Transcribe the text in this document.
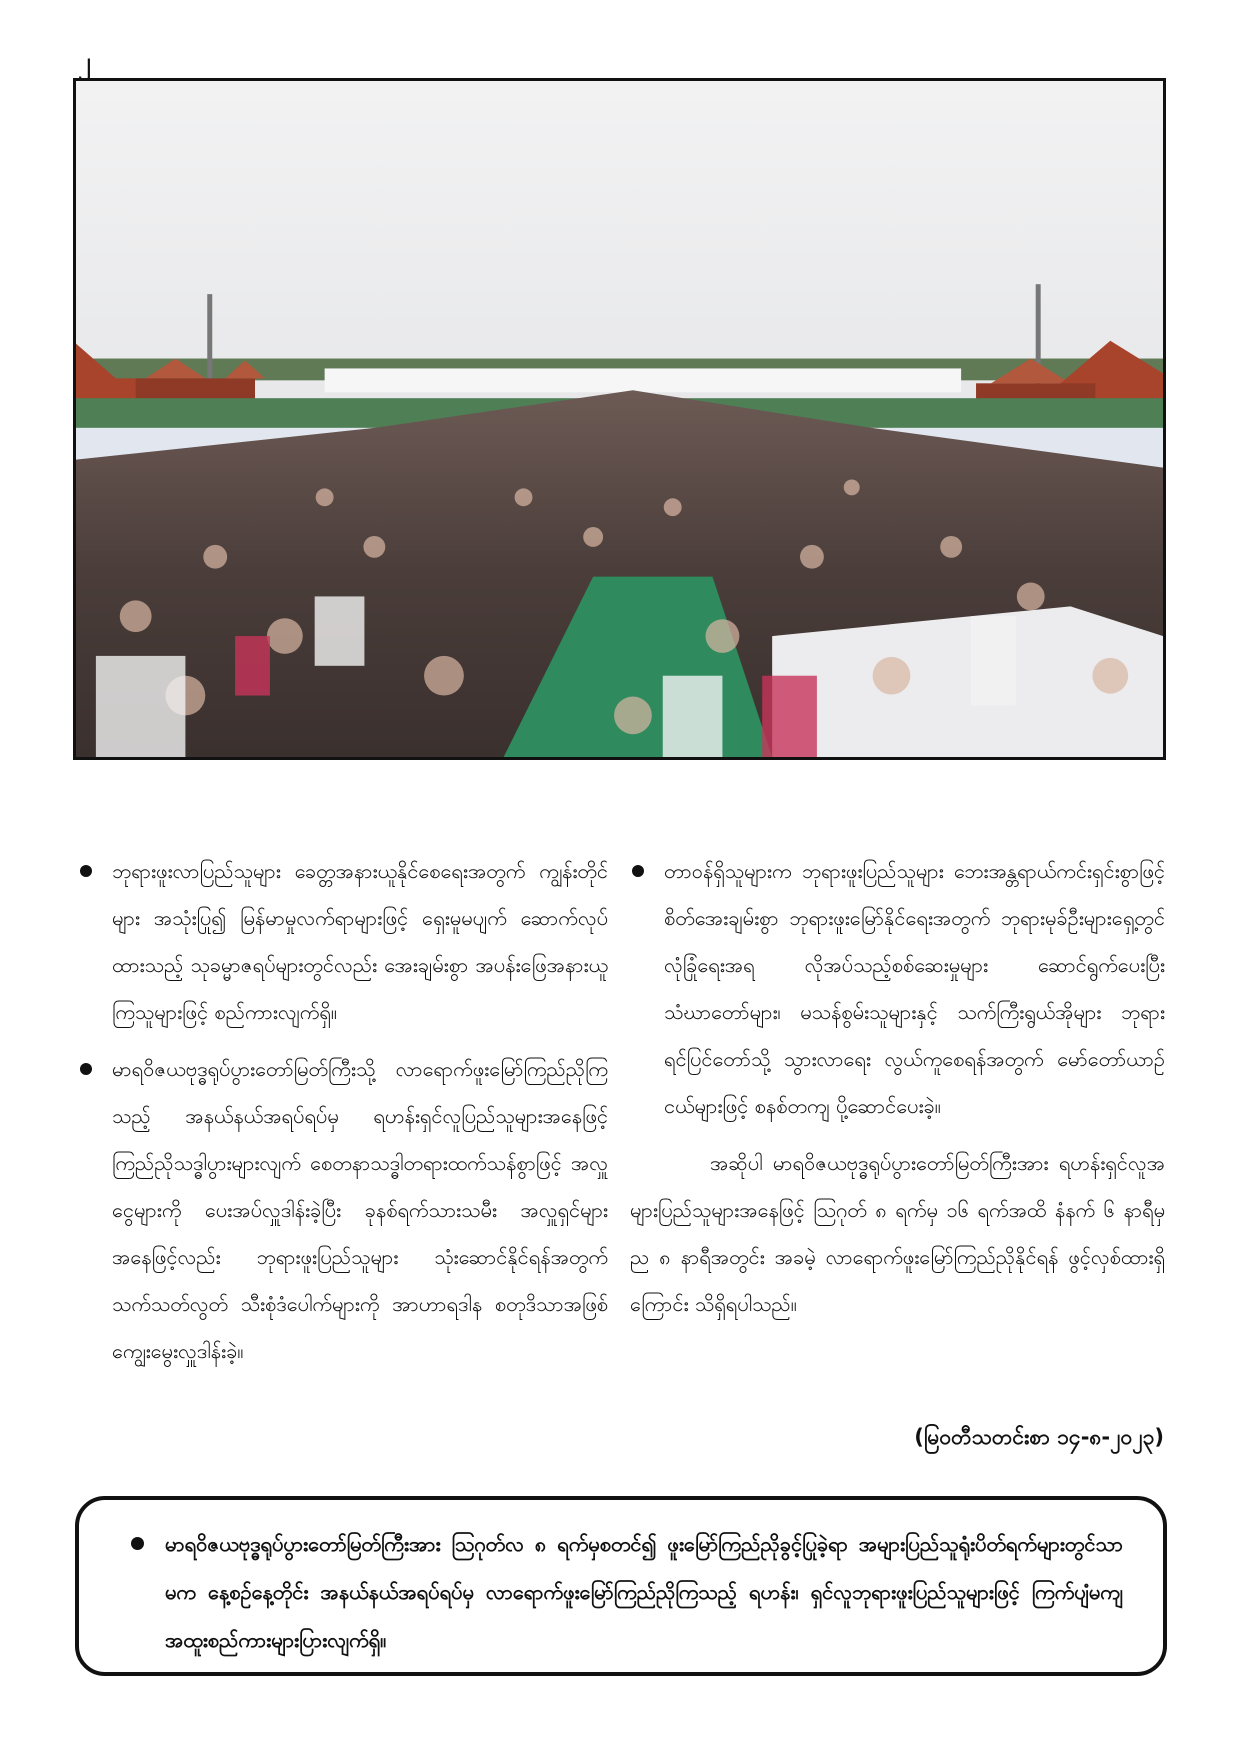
၂
ဘုရားဖူးလာပြည်သူများ ခေတ္တအနားယူနိုင်စေရေးအတွက် ကျွန်းတိုင်များ အသုံးပြု၍ မြန်မာမှုလက်ရာများဖြင့် ရှေးမူမပျက် ဆောက်လုပ်ထားသည့် သုခမ္မာဇရပ်များတွင်လည်း အေးချမ်းစွာ အပန်းဖြေအနားယူကြသူများဖြင့် စည်ကားလျက်ရှိ။
မာရဝိဇယဗုဒ္ဓရုပ်ပွားတော်မြတ်ကြီးသို့ လာရောက်ဖူးမြော်ကြည်ညိုကြသည့် အနယ်နယ်အရပ်ရပ်မှ ရဟန်းရှင်လူပြည်သူများအနေဖြင့် ကြည်ညိုသဒ္ဓါပွားများလျက် စေတနာသဒ္ဓါတရားထက်သန်စွာဖြင့် အလှူငွေများကို ပေးအပ်လှူဒါန်းခဲ့ပြီး ခုနစ်ရက်သားသမီး အလှူရှင်များအနေဖြင့်လည်း ဘုရားဖူးပြည်သူများ သုံးဆောင်နိုင်ရန်အတွက် သက်သတ်လွတ် သီးစုံဒံပေါက်များကို အာဟာရဒါန စတုဒိသာအဖြစ် ကျွေးမွေးလှူဒါန်းခဲ့။
တာဝန်ရှိသူများက ဘုရားဖူးပြည်သူများ ဘေးအန္တရာယ်ကင်းရှင်းစွာဖြင့် စိတ်အေးချမ်းစွာ ဘုရားဖူးမြော်နိုင်ရေးအတွက် ဘုရားမုခ်ဦးများရှေ့တွင် လုံခြုံရေးအရ လိုအပ်သည့်စစ်ဆေးမှုများ ဆောင်ရွက်ပေးပြီး သံဃာတော်များ၊ မသန်စွမ်းသူများနှင့် သက်ကြီးရွယ်အိုများ ဘုရားရင်ပြင်တော်သို့ သွားလာရေး လွယ်ကူစေရန်အတွက် မော်တော်ယာဉ်ငယ်များဖြင့် စနစ်တကျ ပို့ဆောင်ပေးခဲ့။

အဆိုပါ မာရဝိဇယဗုဒ္ဓရုပ်ပွားတော်မြတ်ကြီးအား ရဟန်းရှင်လူအများပြည်သူများအနေဖြင့် ဩဂုတ် ၈ ရက်မှ ၁၆ ရက်အထိ နံနက် ၆ နာရီမှ ည ၈ နာရီအတွင်း အခမဲ့ လာရောက်ဖူးမြော်ကြည်ညိုနိုင်ရန် ဖွင့်လှစ်ထားရှိကြောင်း သိရှိရပါသည်။

(မြဝတီသတင်းစာ ၁၄-၈-၂၀၂၃)
မာရဝိဇယဗုဒ္ဓရုပ်ပွားတော်မြတ်ကြီးအား ဩဂုတ်လ ၈ ရက်မှစတင်၍ ဖူးမြော်ကြည်ညိုခွင့်ပြုခဲ့ရာ အများပြည်သူရုံးပိတ်ရက်များတွင်သာမက နေ့စဉ်နေ့တိုင်း အနယ်နယ်အရပ်ရပ်မှ လာရောက်ဖူးမြော်ကြည်ညိုကြသည့် ရဟန်း၊ ရှင်လူဘုရားဖူးပြည်သူများဖြင့် ကြက်ပျံမကျ အထူးစည်ကားများပြားလျက်ရှိ။
